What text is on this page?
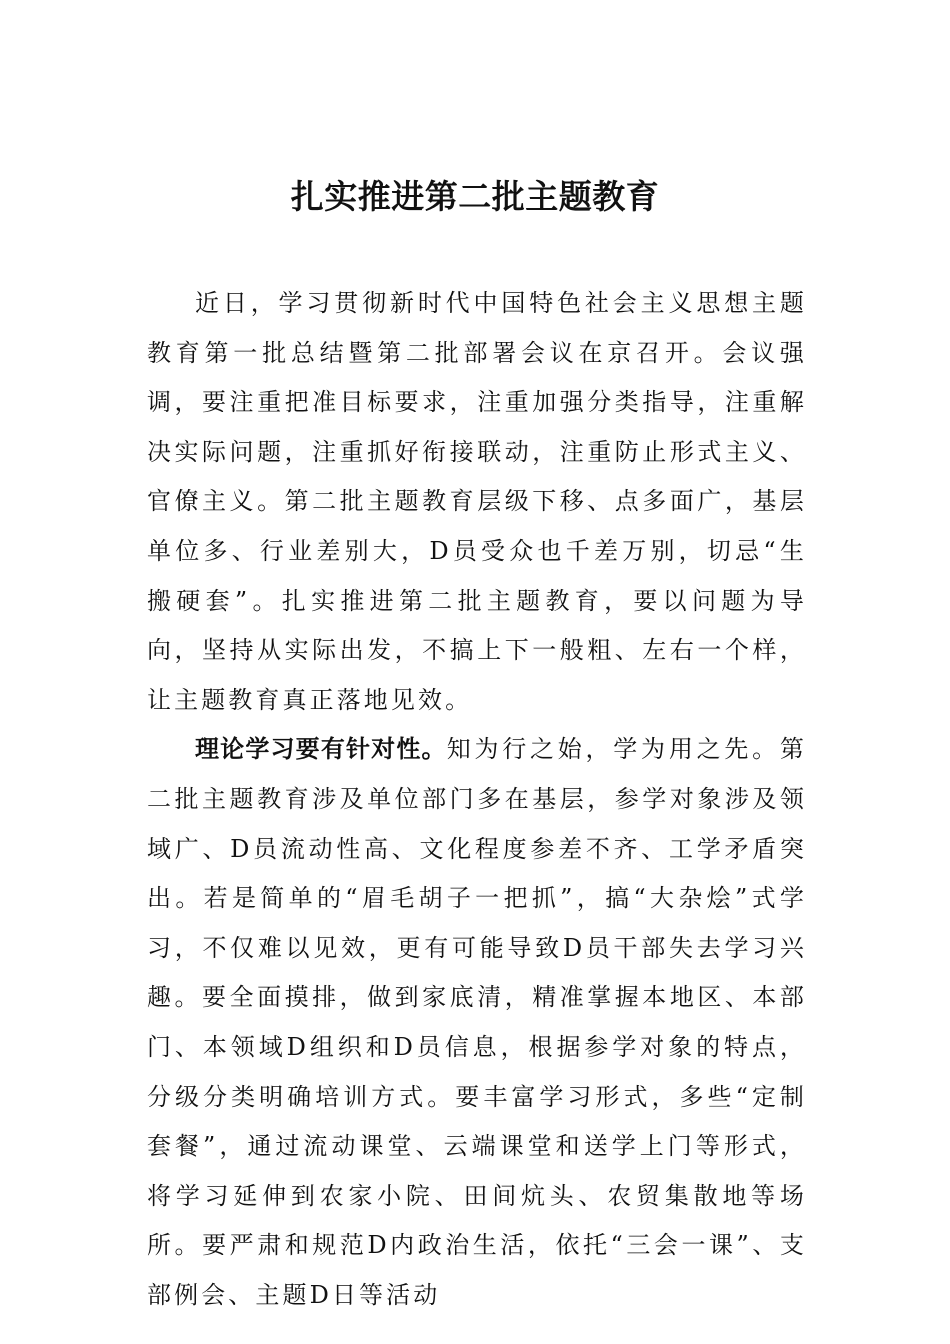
扎实推进第二批主题教育

近日，学习贯彻新时代中国特色社会主义思想主题教育第一批总结暨第二批部署会议在京召开。会议强调，要注重把准目标要求，注重加强分类指导，注重解决实际问题，注重抓好衔接联动，注重防止形式主义、官僚主义。第二批主题教育层级下移、点多面广，基层单位多、行业差别大，D员受众也千差万别，切忌“生搬硬套”。扎实推进第二批主题教育，要以问题为导向，坚持从实际出发，不搞上下一般粗、左右一个样，让主题教育真正落地见效。

理论学习要有针对性。知为行之始，学为用之先。第二批主题教育涉及单位部门多在基层，参学对象涉及领域广、D员流动性高、文化程度参差不齐、工学矛盾突出。若是简单的“眉毛胡子一把抓”，搞“大杂烩”式学习，不仅难以见效，更有可能导致D员干部失去学习兴趣。要全面摸排，做到家底清，精准掌握本地区、本部门、本领域D组织和D员信息，根据参学对象的特点，分级分类明确培训方式。要丰富学习形式，多些“定制套餐”，通过流动课堂、云端课堂和送学上门等形式，将学习延伸到农家小院、田间炕头、农贸集散地等场所。要严肃和规范D内政治生活，依托“三会一课”、支部例会、主题D日等活动
